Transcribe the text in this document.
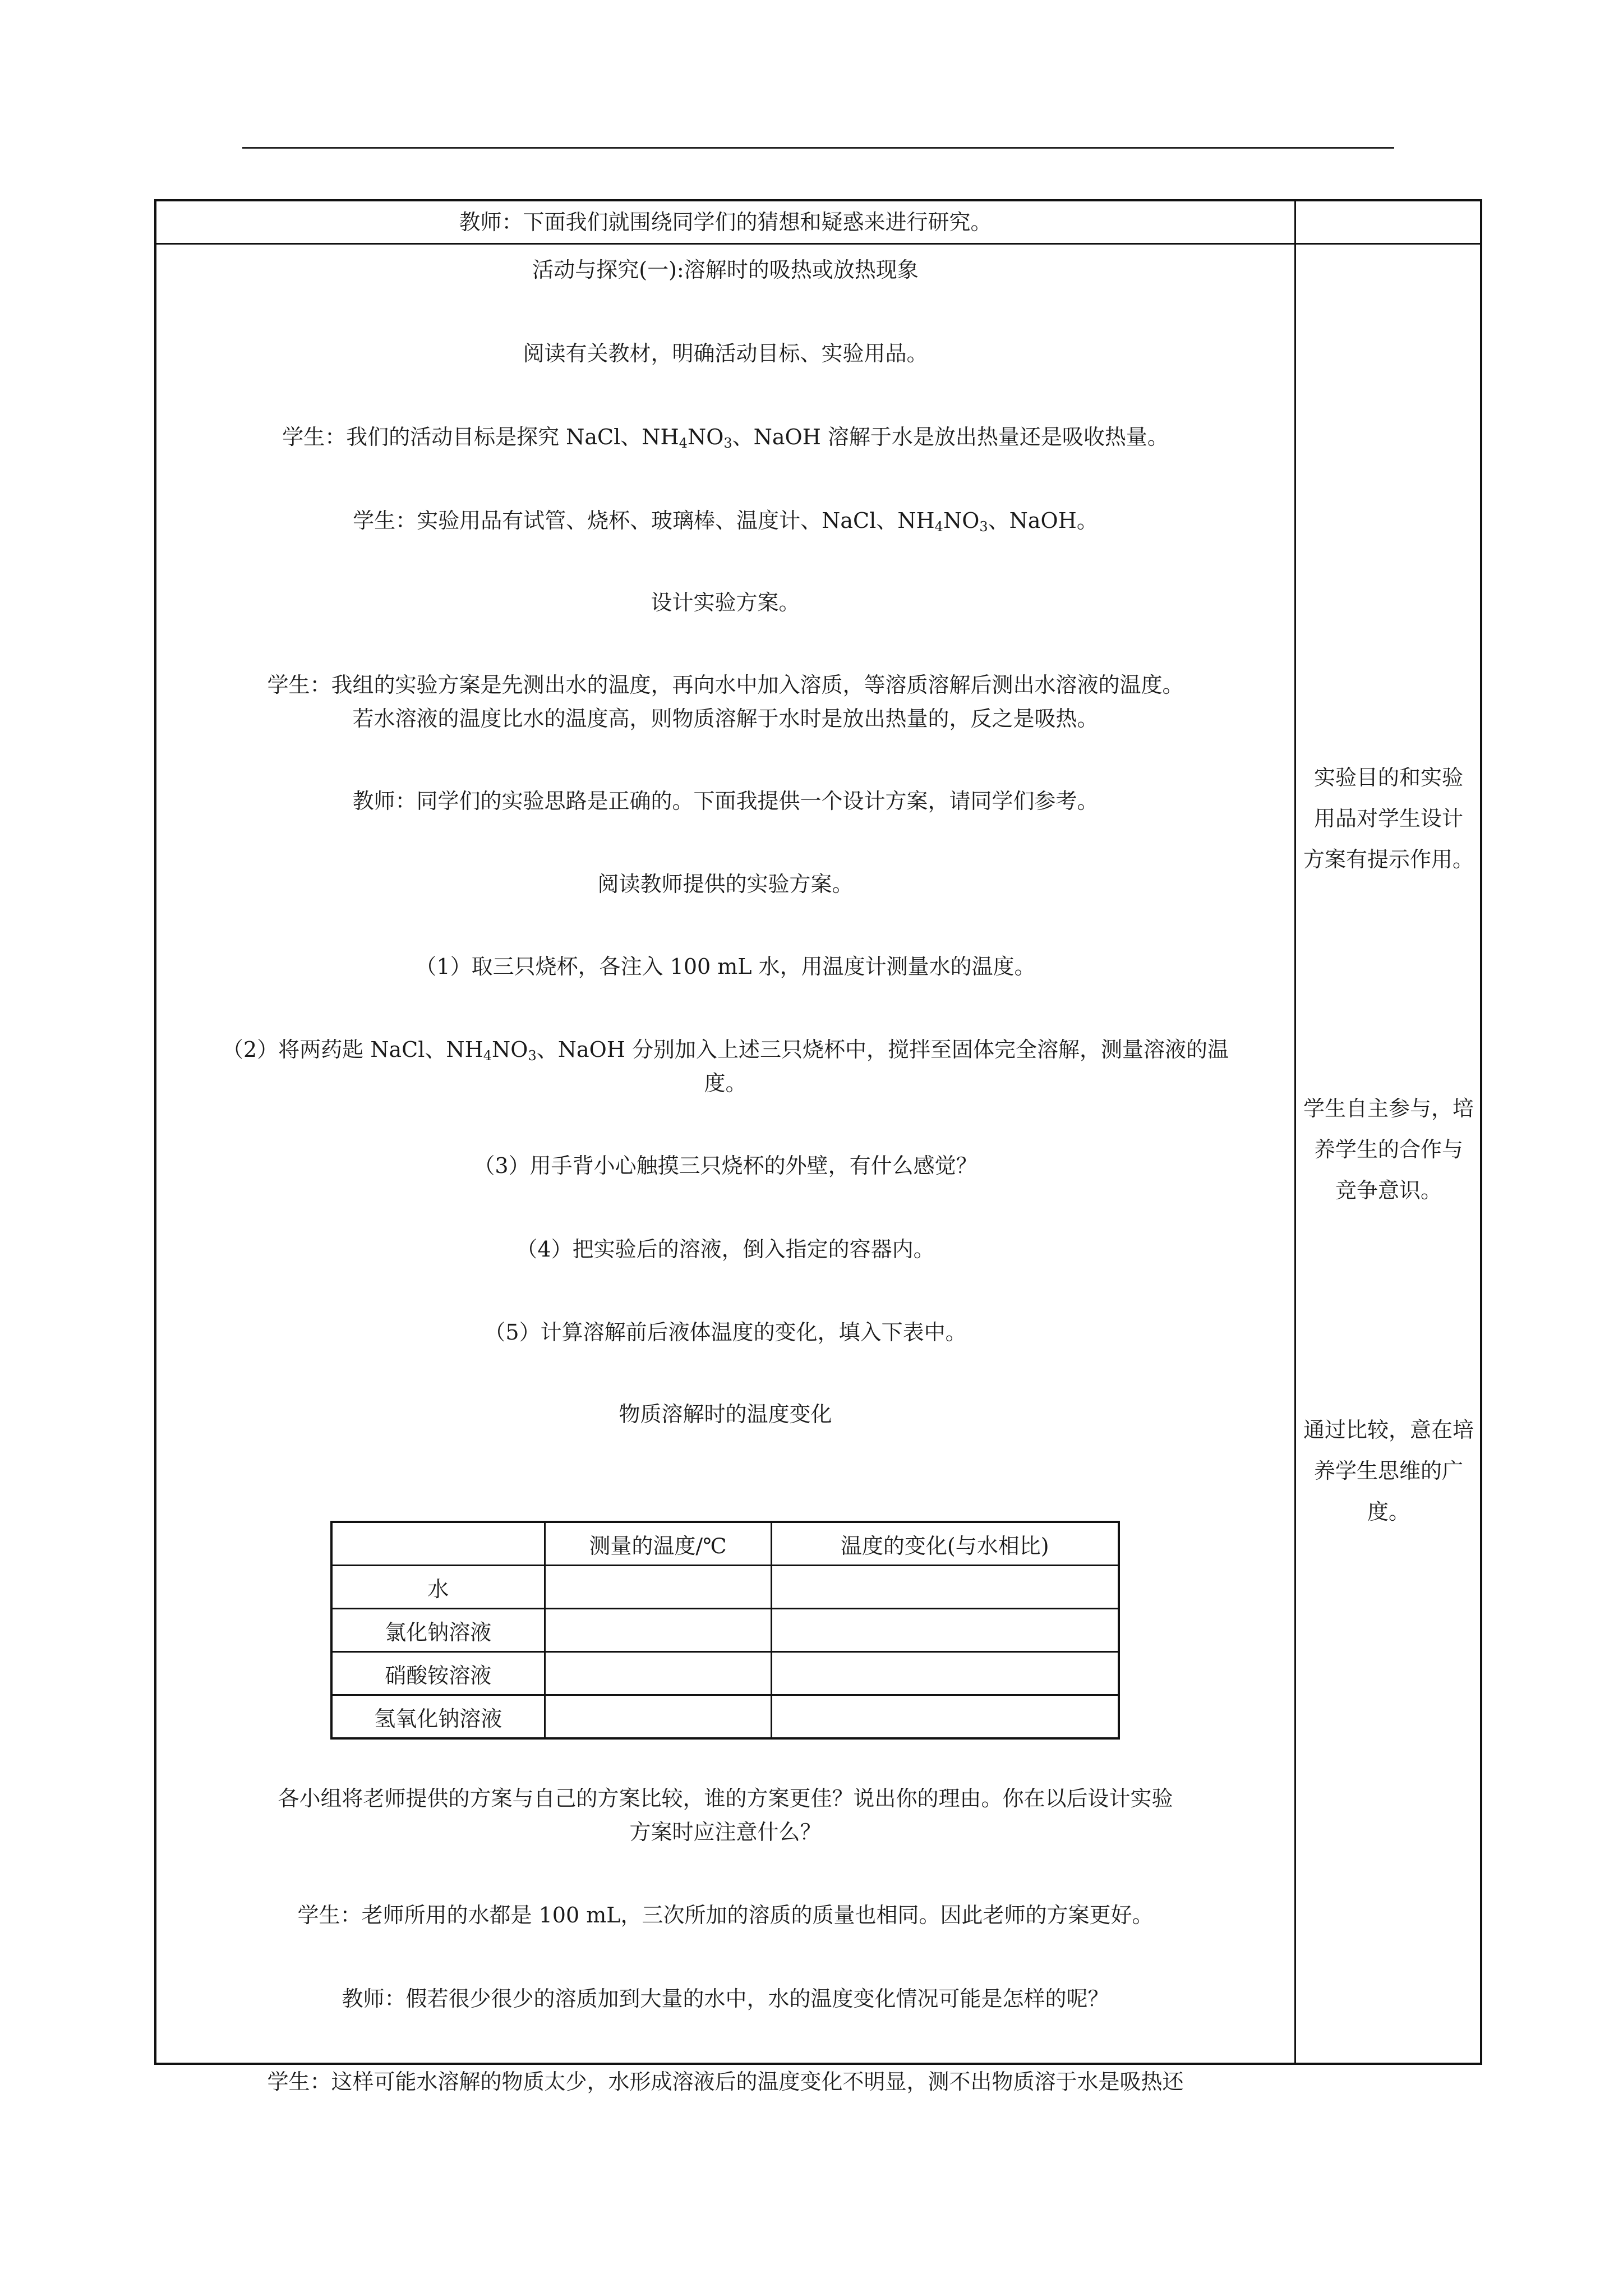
教师：下面我们就围绕同学们的猜想和疑惑来进行研究。
活动与探究(一):溶解时的吸热或放热现象
阅读有关教材，明确活动目标、实验用品。
学生：我们的活动目标是探究 NaCl、$NH_4NO_3$、NaOH 溶解于水是放出热量还是吸收热量。
学生：实验用品有试管、烧杯、玻璃棒、温度计、NaCl、$NH_4NO_3$、NaOH。
设计实验方案。
学生：我组的实验方案是先测出水的温度，再向水中加入溶质，等溶质溶解后测出水溶液的温度。
若水溶液的温度比水的温度高，则物质溶解于水时是放出热量的，反之是吸热。
教师：同学们的实验思路是正确的。下面我提供一个设计方案，请同学们参考。
阅读教师提供的实验方案。
（1）取三只烧杯，各注入 100 mL 水，用温度计测量水的温度。
（2）将两药匙 NaCl、$NH_4NO_3$、NaOH 分别加入上述三只烧杯中，搅拌至固体完全溶解，测量溶液的温
度。
（3）用手背小心触摸三只烧杯的外壁，有什么感觉？
（4）把实验后的溶液，倒入指定的容器内。
（5）计算溶解前后液体温度的变化，填入下表中。
物质溶解时的温度变化
	测量的温度/℃	温度的变化(与水相比)
水		
氯化钠溶液		
硝酸铵溶液		
氢氧化钠溶液		
各小组将老师提供的方案与自己的方案比较，谁的方案更佳？说出你的理由。你在以后设计实验
方案时应注意什么？
学生：老师所用的水都是 100 mL，三次所加的溶质的质量也相同。因此老师的方案更好。
教师：假若很少很少的溶质加到大量的水中，水的温度变化情况可能是怎样的呢？
学生：这样可能水溶解的物质太少，水形成溶液后的温度变化不明显，测不出物质溶于水是吸热还
实验目的和实验
用品对学生设计
方案有提示作用。
学生自主参与，培
养学生的合作与
竞争意识。
通过比较，意在培
养学生思维的广
度。
